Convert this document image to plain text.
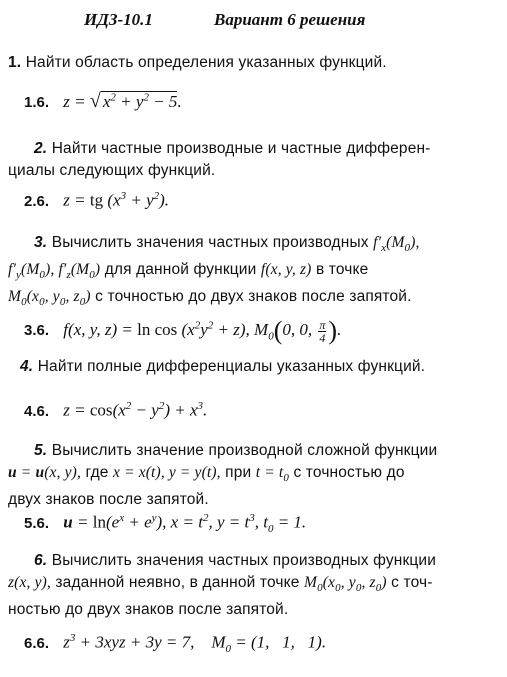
ИДЗ-10.1	Вариант 6 решения
1. Найти область определения указанных функций.
1.6. z = √ $x^2 + y^2 - 5$.
2. Найти частные производные и частные дифферен-
циалы следующих функций.
2.6. z = tg $(x^3 + y^2)$.
3. Вычислить значения частных производных $f'_x(M_0)$,
$f'_y(M_0)$, $f'_z(M_0)$ для данной функции f(x, y, z) в точке
$M_0(x_0$, $y_0$, $z_0$) с точностью до двух знаков после запятой.
3.6. f(x, y, $z) = \ln \cos (x^2y^2 + z)$, $M_0(0$, 0, $\frac{\pi}{4}$ ).
4. Найти полные дифференциалы указанных функций.
4.6. $z = \cos(x^2 - y^2) + x^3$.
5. Вычислить значение производной сложной функции
u = u(x, y), где x = x(t), y = y(t), при $t = t_0$ с точностью до
двух знаков после запятой.
5.6. $u = \ln(e^x + e^y)$, $x = t^2$, $y = t^3$, $t_0 = 1$.
6. Вычислить значения частных производных функции
z(x, y), заданной неявно, в данной точке $M_0(x_0$, $y_0$, $z_0$) с точ-
ностью до двух знаков после запятой.
6.6. $z^3 + 3xyz + 3y = 7$,    $M_0 = (1$,   1,   1).
